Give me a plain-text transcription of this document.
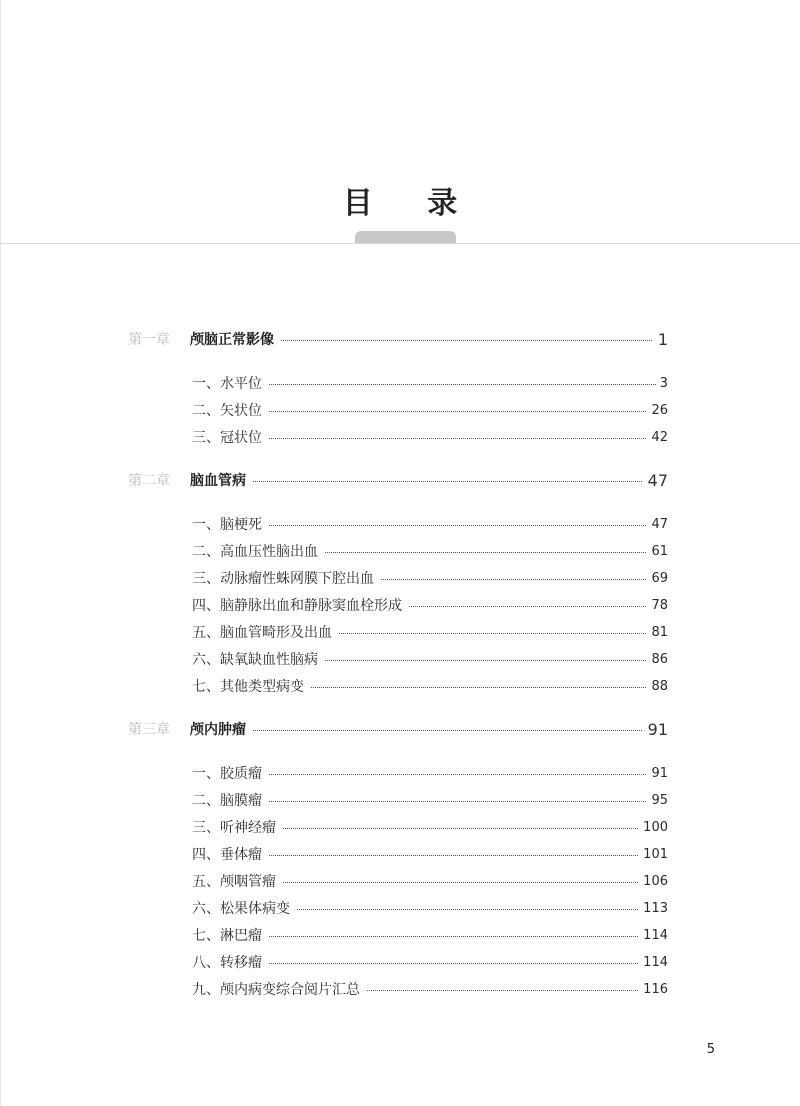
目 录
第一章 颅脑正常影像	1
一、水平位	3
二、矢状位	26
三、冠状位	42
第二章 脑血管病	47
一、脑梗死	47
二、高血压性脑出血	61
三、动脉瘤性蛛网膜下腔出血	69
四、脑静脉出血和静脉窦血栓形成	78
五、脑血管畸形及出血	81
六、缺氧缺血性脑病	86
七、其他类型病变	88
第三章 颅内肿瘤	91
一、胶质瘤	91
二、脑膜瘤	95
三、听神经瘤	100
四、垂体瘤	101
五、颅咽管瘤	106
六、松果体病变	113
七、淋巴瘤	114
八、转移瘤	114
九、颅内病变综合阅片汇总	116
5
